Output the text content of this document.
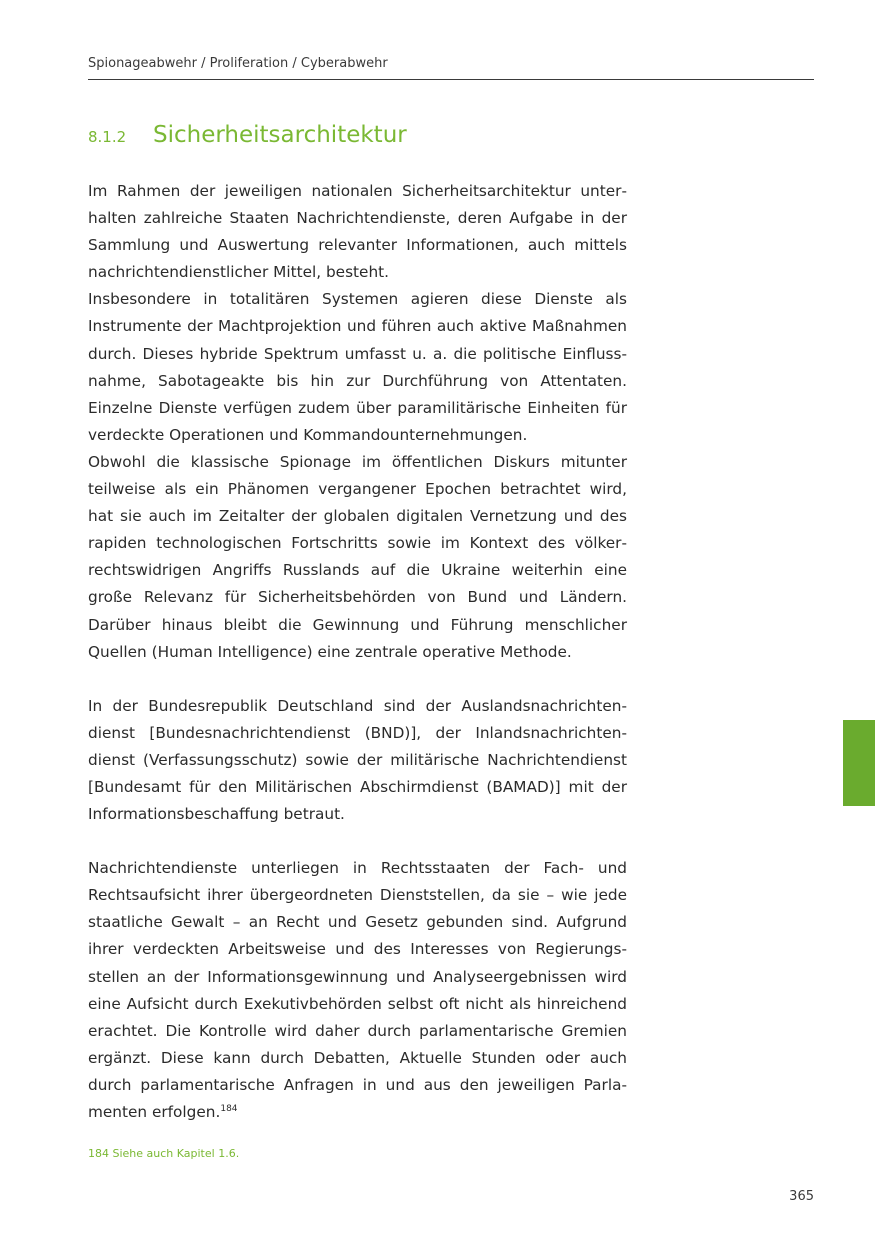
Spionageabwehr / Proliferation / Cyberabwehr
8.1.2	Sicherheitsarchitektur

Im Rahmen der jeweiligen nationalen Sicherheitsarchitektur unterhalten zahlreiche Staaten Nachrichtendienste, deren Aufgabe in der Sammlung und Auswertung relevanter Informationen, auch mittels nachrichtendienstlicher Mittel, besteht.

Insbesondere in totalitären Systemen agieren diese Dienste als Instrumente der Machtprojektion und führen auch aktive Maßnahmen durch. Dieses hybride Spektrum umfasst u. a. die politische Einflussnahme, Sabotageakte bis hin zur Durchführung von Attentaten. Einzelne Dienste verfügen zudem über paramilitärische Einheiten für verdeckte Operationen und Kommandounternehmungen.

Obwohl die klassische Spionage im öffentlichen Diskurs mitunter teilweise als ein Phänomen vergangener Epochen betrachtet wird, hat sie auch im Zeitalter der globalen digitalen Vernetzung und des rapiden technologischen Fortschritts sowie im Kontext des völkerrechtswidrigen Angriffs Russlands auf die Ukraine weiterhin eine große Relevanz für Sicherheitsbehörden von Bund und Ländern. Darüber hinaus bleibt die Gewinnung und Führung menschlicher Quellen (Human Intelligence) eine zentrale operative Methode.

In der Bundesrepublik Deutschland sind der Auslandsnachrichtendienst [Bundesnachrichtendienst (BND)], der Inlandsnachrichtendienst (Verfassungsschutz) sowie der militärische Nachrichtendienst [Bundesamt für den Militärischen Abschirmdienst (BAMAD)] mit der Informationsbeschaffung betraut.

Nachrichtendienste unterliegen in Rechtsstaaten der Fach- und Rechtsaufsicht ihrer übergeordneten Dienststellen, da sie – wie jede staatliche Gewalt – an Recht und Gesetz gebunden sind. Aufgrund ihrer verdeckten Arbeitsweise und des Interesses von Regierungsstellen an der Informationsgewinnung und Analyseergebnissen wird eine Aufsicht durch Exekutivbehörden selbst oft nicht als hinreichend erachtet. Die Kontrolle wird daher durch parlamentarische Gremien ergänzt. Diese kann durch Debatten, Aktuelle Stunden oder auch durch parlamentarische Anfragen in und aus den jeweiligen Parlamenten erfolgen.$^{184}$

184 Siehe auch Kapitel 1.6.
365
